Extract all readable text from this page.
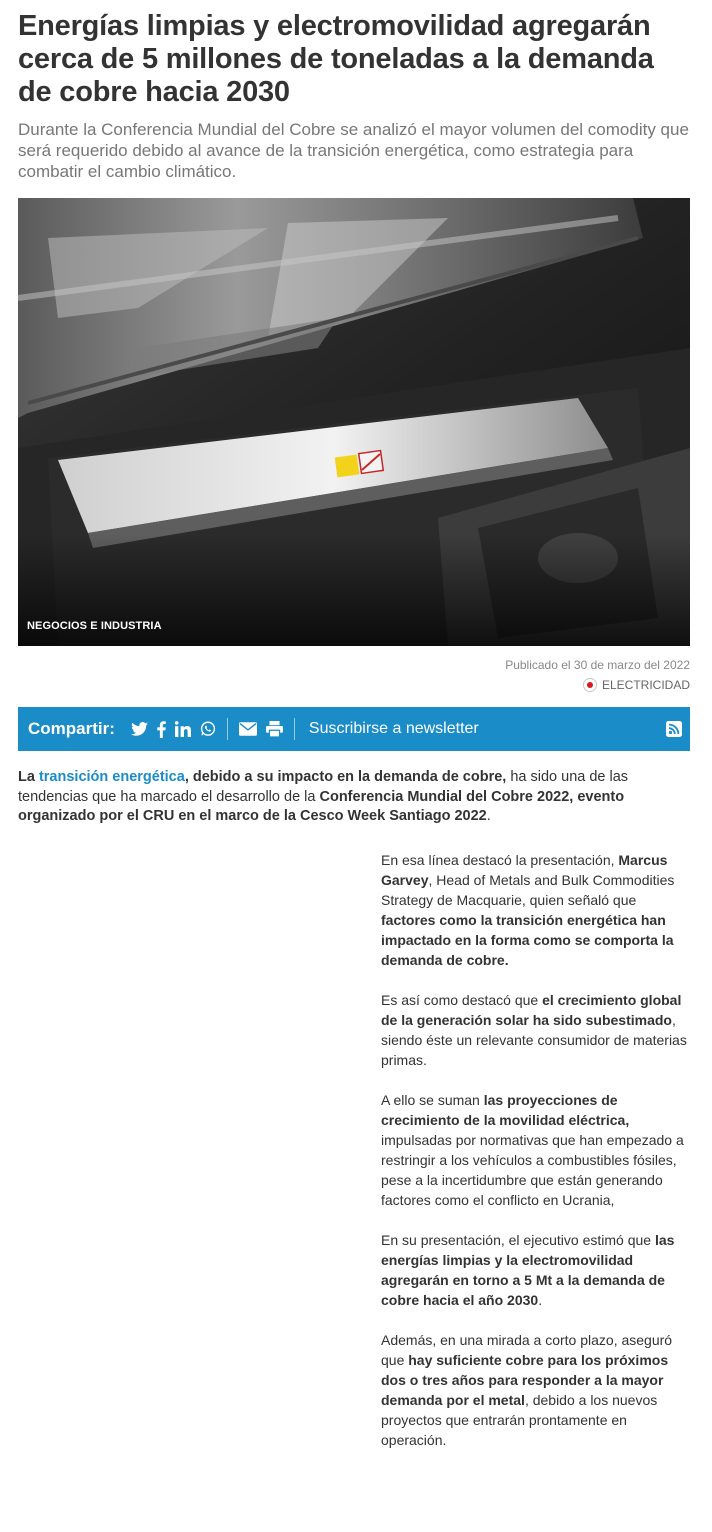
Energías limpias y electromovilidad agregarán cerca de 5 millones de toneladas a la demanda de cobre hacia 2030

Durante la Conferencia Mundial del Cobre se analizó el mayor volumen del comodity que será requerido debido al avance de la transición energética, como estrategia para combatir el cambio climático.

NEGOCIOS E INDUSTRIA
Publicado el 30 de marzo del 2022
ELECTRICIDAD
Compartir:	Suscribirse a newsletter

La transición energética, debido a su impacto en la demanda de cobre, ha sido una de las tendencias que ha marcado el desarrollo de la Conferencia Mundial del Cobre 2022, evento organizado por el CRU en el marco de la Cesco Week Santiago 2022.

En esa línea destacó la presentación, Marcus Garvey, Head of Metals and Bulk Commodities Strategy de Macquarie, quien señaló que factores como la transición energética han impactado en la forma como se comporta la demanda de cobre.

Es así como destacó que el crecimiento global de la generación solar ha sido subestimado, siendo éste un relevante consumidor de materias primas.

A ello se suman las proyecciones de crecimiento de la movilidad eléctrica, impulsadas por normativas que han empezado a restringir a los vehículos a combustibles fósiles, pese a la incertidumbre que están generando factores como el conflicto en Ucrania,

En su presentación, el ejecutivo estimó que las energías limpias y la electromovilidad agregarán en torno a 5 Mt a la demanda de cobre hacia el año 2030.

Además, en una mirada a corto plazo, aseguró que hay suficiente cobre para los próximos dos o tres años para responder a la mayor demanda por el metal, debido a los nuevos proyectos que entrarán prontamente en operación.
